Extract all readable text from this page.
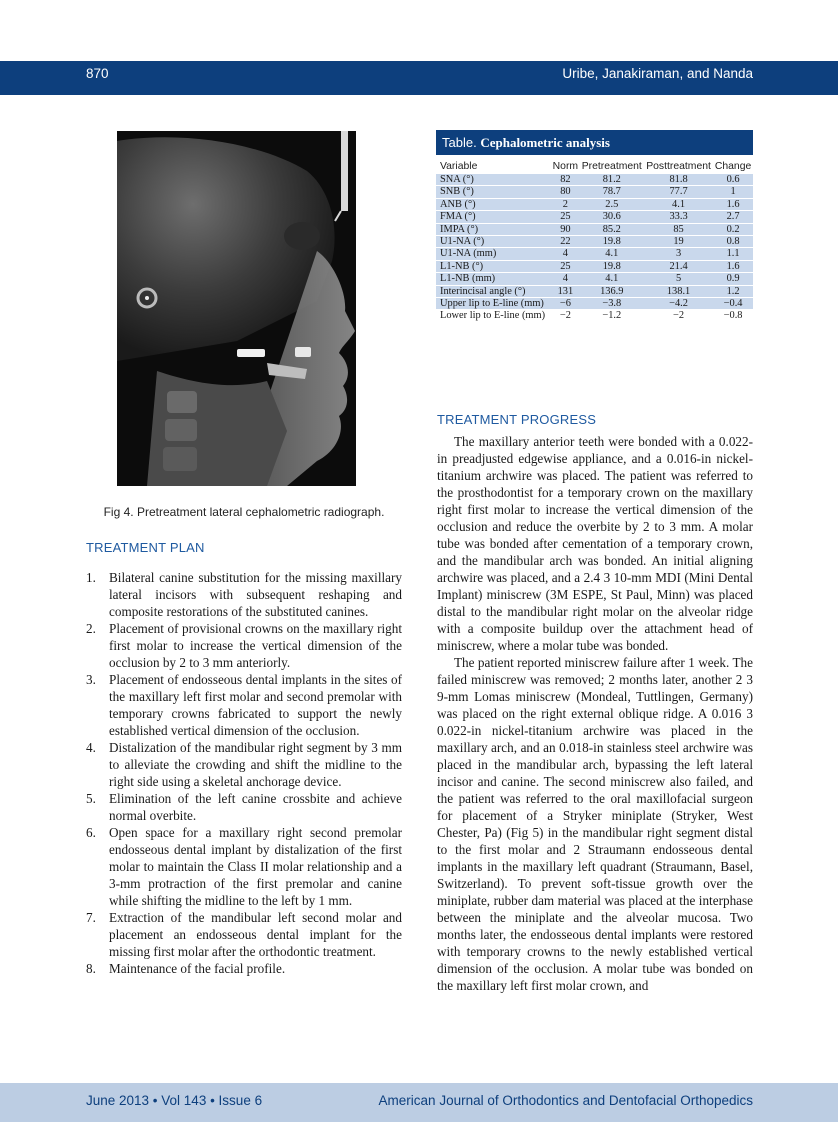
870	Uribe, Janakiraman, and Nanda
Fig 4. Pretreatment lateral cephalometric radiograph.
TREATMENT PLAN
1. Bilateral canine substitution for the missing maxillary lateral incisors with subsequent reshaping and composite restorations of the substituted canines.
2. Placement of provisional crowns on the maxillary right first molar to increase the vertical dimension of the occlusion by 2 to 3 mm anteriorly.
3. Placement of endosseous dental implants in the sites of the maxillary left first molar and second premolar with temporary crowns fabricated to support the newly established vertical dimension of the occlusion.
4. Distalization of the mandibular right segment by 3 mm to alleviate the crowding and shift the midline to the right side using a skeletal anchorage device.
5. Elimination of the left canine crossbite and achieve normal overbite.
6. Open space for a maxillary right second premolar endosseous dental implant by distalization of the first molar to maintain the Class II molar relationship and a 3-mm protraction of the first premolar and canine while shifting the midline to the left by 1 mm.
7. Extraction of the mandibular left second molar and placement an endosseous dental implant for the missing first molar after the orthodontic treatment.
8. Maintenance of the facial profile.
Table. Cephalometric analysis
Variable	Norm	Pretreatment	Posttreatment	Change
SNA (°)	82	81.2	81.8	0.6
SNB (°)	80	78.7	77.7	1
ANB (°)	2	2.5	4.1	1.6
FMA (°)	25	30.6	33.3	2.7
IMPA (°)	90	85.2	85	0.2
U1-NA (°)	22	19.8	19	0.8
U1-NA (mm)	4	4.1	3	1.1
L1-NB (°)	25	19.8	21.4	1.6
L1-NB (mm)	4	4.1	5	0.9
Interincisal angle (°)	131	136.9	138.1	1.2
Upper lip to E-line (mm)	−6	−3.8	−4.2	−0.4
Lower lip to E-line (mm)	−2	−1.2	−2	−0.8
TREATMENT PROGRESS

The maxillary anterior teeth were bonded with a 0.022-in preadjusted edgewise appliance, and a 0.016-in nickel-titanium archwire was placed. The patient was referred to the prosthodontist for a temporary crown on the maxillary right first molar to increase the vertical dimension of the occlusion and reduce the overbite by 2 to 3 mm. A molar tube was bonded after cementation of a temporary crown, and the mandibular arch was bonded. An initial aligning archwire was placed, and a 2.4 3 10-mm MDI (Mini Dental Implant) miniscrew (3M ESPE, St Paul, Minn) was placed distal to the mandibular right molar on the alveolar ridge with a composite buildup over the attachment head of miniscrew, where a molar tube was bonded.

The patient reported miniscrew failure after 1 week. The failed miniscrew was removed; 2 months later, another 2 3 9-mm Lomas miniscrew (Mondeal, Tuttlingen, Germany) was placed on the right external oblique ridge. A 0.016 3 0.022-in nickel-titanium archwire was placed in the maxillary arch, and an 0.018-in stainless steel archwire was placed in the mandibular arch, bypassing the left lateral incisor and canine. The second miniscrew also failed, and the patient was referred to the oral maxillofacial surgeon for placement of a Stryker miniplate (Stryker, West Chester, Pa) (Fig 5) in the mandibular right segment distal to the first molar and 2 Straumann endosseous dental implants in the maxillary left quadrant (Straumann, Basel, Switzerland). To prevent soft-tissue growth over the miniplate, rubber dam material was placed at the interphase between the miniplate and the alveolar mucosa. Two months later, the endosseous dental implants were restored with temporary crowns to the newly established vertical dimension of the occlusion. A molar tube was bonded on the maxillary left first molar crown, and

June 2013 • Vol 143 • Issue 6	American Journal of Orthodontics and Dentofacial Orthopedics
